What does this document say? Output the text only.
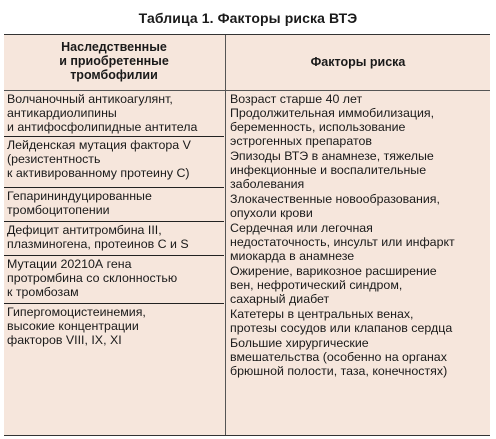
Таблица 1. Факторы риска ВТЭ
Наследственные
и приобретенные
тромбофилии
Факторы риска
Волчаночный антикоагулянт,
антикардиолипины
и антифосфолипидные антитела
Лейденская мутация фактора V
(резистентность
к активированному протеину С)
Гепарининдуцированные
тромбоцитопении
Дефицит антитромбина III,
плазминогена, протеинов С и S
Мутации 20210А гена
протромбина со склонностью
к тромбозам
Гипергомоцистеинемия,
высокие концентрации
факторов VIII, IX, XI
Возраст старше 40 лет
Продолжительная иммобилизация,
беременность, использование
эстрогенных препаратов
Эпизоды ВТЭ в анамнезе, тяжелые
инфекционные и воспалительные
заболевания
Злокачественные новообразования,
опухоли крови
Сердечная или легочная
недостаточность, инсульт или инфаркт
миокарда в анамнезе
Ожирение, варикозное расширение
вен, нефротический синдром,
сахарный диабет
Катетеры в центральных венах,
протезы сосудов или клапанов сердца
Большие хирургические
вмешательства (особенно на органах
брюшной полости, таза, конечностях)
